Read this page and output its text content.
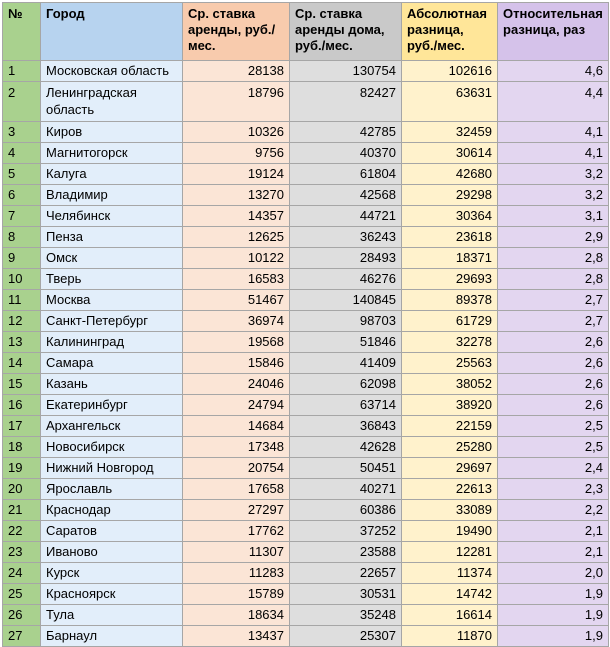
№	Город	Ср. ставка аренды, руб./мес.	Ср. ставка аренды дома, руб./мес.	Абсолютная разница, руб./мес.	Относительная разница, раз
1	Московская область	28138	130754	102616	4,6
2	Ленинградская область	18796	82427	63631	4,4
3	Киров	10326	42785	32459	4,1
4	Магнитогорск	9756	40370	30614	4,1
5	Калуга	19124	61804	42680	3,2
6	Владимир	13270	42568	29298	3,2
7	Челябинск	14357	44721	30364	3,1
8	Пенза	12625	36243	23618	2,9
9	Омск	10122	28493	18371	2,8
10	Тверь	16583	46276	29693	2,8
11	Москва	51467	140845	89378	2,7
12	Санкт-Петербург	36974	98703	61729	2,7
13	Калининград	19568	51846	32278	2,6
14	Самара	15846	41409	25563	2,6
15	Казань	24046	62098	38052	2,6
16	Екатеринбург	24794	63714	38920	2,6
17	Архангельск	14684	36843	22159	2,5
18	Новосибирск	17348	42628	25280	2,5
19	Нижний Новгород	20754	50451	29697	2,4
20	Ярославль	17658	40271	22613	2,3
21	Краснодар	27297	60386	33089	2,2
22	Саратов	17762	37252	19490	2,1
23	Иваново	11307	23588	12281	2,1
24	Курск	11283	22657	11374	2,0
25	Красноярск	15789	30531	14742	1,9
26	Тула	18634	35248	16614	1,9
27	Барнаул	13437	25307	11870	1,9
